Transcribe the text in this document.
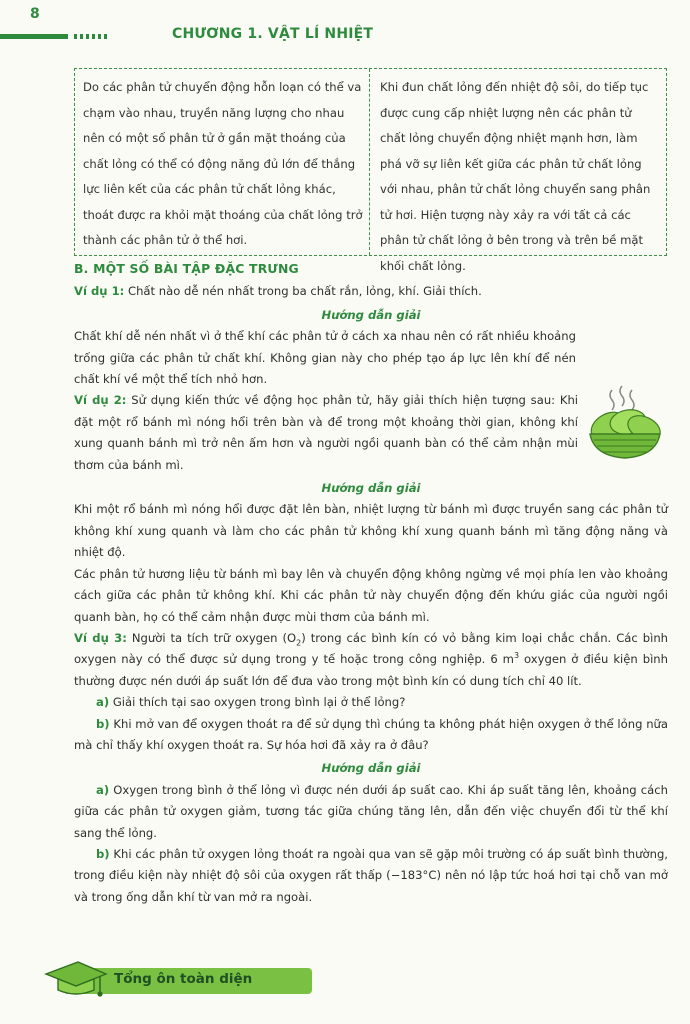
8
CHƯƠNG 1. VẬT LÍ NHIỆT
Do các phân tử chuyển động hỗn loạn có thể va chạm vào nhau, truyền năng lượng cho nhau nên có một số phân tử ở gần mặt thoáng của chất lỏng có thể có động năng đủ lớn để thắng lực liên kết của các phân tử chất lỏng khác, thoát được ra khỏi mặt thoáng của chất lỏng trở thành các phân tử ở thể hơi.
Khi đun chất lỏng đến nhiệt độ sôi, do tiếp tục được cung cấp nhiệt lượng nên các phân tử chất lỏng chuyển động nhiệt mạnh hơn, làm phá vỡ sự liên kết giữa các phân tử chất lỏng với nhau, phân tử chất lỏng chuyển sang phân tử hơi. Hiện tượng này xảy ra với tất cả các phân tử chất lỏng ở bên trong và trên bề mặt khối chất lỏng.
B. MỘT SỐ BÀI TẬP ĐẶC TRƯNG

Ví dụ 1: Chất nào dễ nén nhất trong ba chất rắn, lỏng, khí. Giải thích.

Hướng dẫn giải

Chất khí dễ nén nhất vì ở thể khí các phân tử ở cách xa nhau nên có rất nhiều khoảng trống giữa các phân tử chất khí. Không gian này cho phép tạo áp lực lên khí để nén chất khí về một thể tích nhỏ hơn.

Ví dụ 2: Sử dụng kiến thức về động học phân tử, hãy giải thích hiện tượng sau: Khi đặt một rổ bánh mì nóng hổi trên bàn và để trong một khoảng thời gian, không khí xung quanh bánh mì trở nên ấm hơn và người ngồi quanh bàn có thể cảm nhận mùi thơm của bánh mì.

Hướng dẫn giải

Khi một rổ bánh mì nóng hổi được đặt lên bàn, nhiệt lượng từ bánh mì được truyền sang các phân tử không khí xung quanh và làm cho các phân tử không khí xung quanh bánh mì tăng động năng và nhiệt độ.

Các phân tử hương liệu từ bánh mì bay lên và chuyển động không ngừng về mọi phía len vào khoảng cách giữa các phân tử không khí. Khi các phân tử này chuyển động đến khứu giác của người ngồi quanh bàn, họ có thể cảm nhận được mùi thơm của bánh mì.

Ví dụ 3: Người ta tích trữ oxygen $(O_2)$ trong các bình kín có vỏ bằng kim loại chắc chắn. Các bình oxygen này có thể được sử dụng trong y tế hoặc trong công nghiệp. 6 $m^3$ oxygen ở điều kiện bình thường được nén dưới áp suất lớn để đưa vào trong một bình kín có dung tích chỉ 40 lít.

a) Giải thích tại sao oxygen trong bình lại ở thể lỏng?

b) Khi mở van để oxygen thoát ra để sử dụng thì chúng ta không phát hiện oxygen ở thể lỏng nữa mà chỉ thấy khí oxygen thoát ra. Sự hóa hơi đã xảy ra ở đâu?

Hướng dẫn giải

a) Oxygen trong bình ở thể lỏng vì được nén dưới áp suất cao. Khi áp suất tăng lên, khoảng cách giữa các phân tử oxygen giảm, tương tác giữa chúng tăng lên, dẫn đến việc chuyển đổi từ thể khí sang thể lỏng.

b) Khi các phân tử oxygen lỏng thoát ra ngoài qua van sẽ gặp môi trường có áp suất bình thường, trong điều kiện này nhiệt độ sôi của oxygen rất thấp (−183°C) nên nó lập tức hoá hơi tại chỗ van mở và trong ống dẫn khí từ van mở ra ngoài.

Tổng ôn toàn diện
